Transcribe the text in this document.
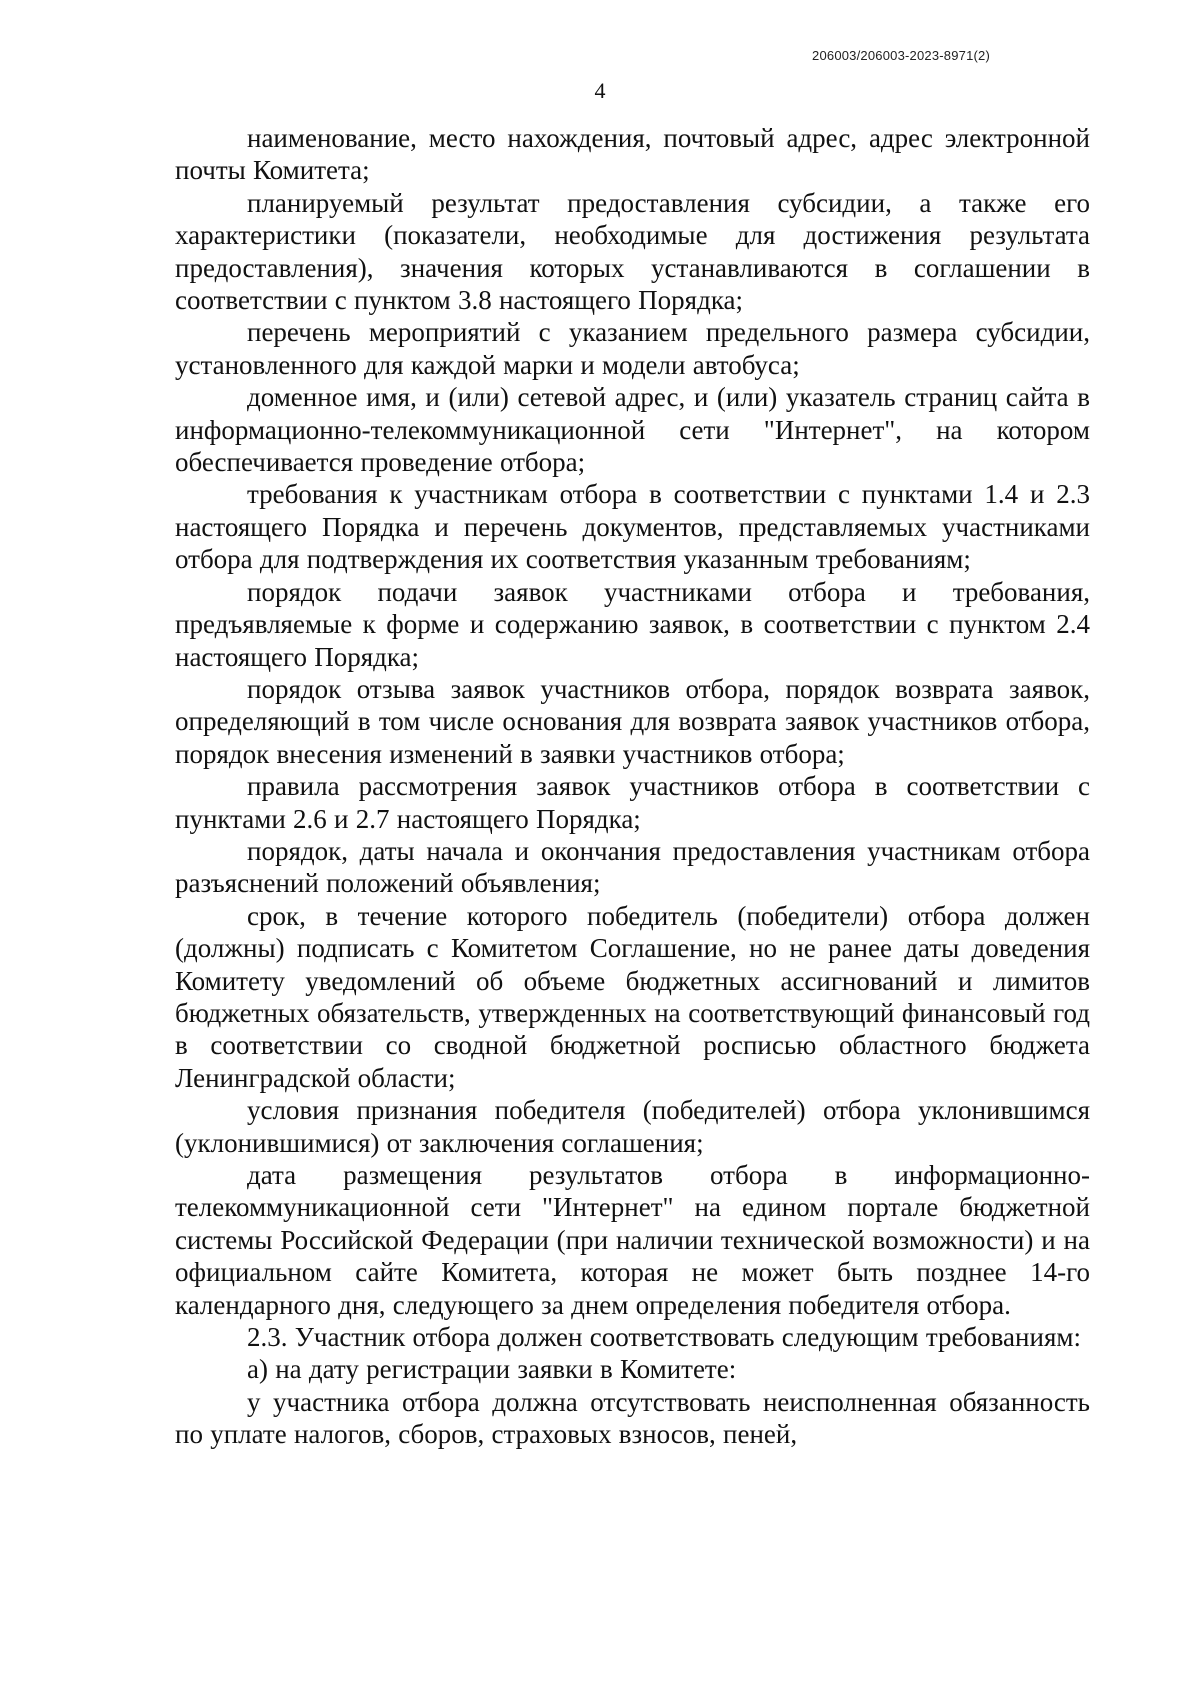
206003/206003-2023-8971(2)
4

наименование, место нахождения, почтовый адрес, адрес электронной почты Комитета;

планируемый результат предоставления субсидии, а также его характеристики (показатели, необходимые для достижения результата предоставления), значения которых устанавливаются в соглашении в соответствии с пунктом 3.8 настоящего Порядка;

перечень мероприятий с указанием предельного размера субсидии, установленного для каждой марки и модели автобуса;

доменное имя, и (или) сетевой адрес, и (или) указатель страниц сайта в информационно-телекоммуникационной сети "Интернет", на котором обеспечивается проведение отбора;

требования к участникам отбора в соответствии с пунктами 1.4 и 2.3 настоящего Порядка и перечень документов, представляемых участниками отбора для подтверждения их соответствия указанным требованиям;

порядок подачи заявок участниками отбора и требования, предъявляемые к форме и содержанию заявок, в соответствии с пунктом 2.4 настоящего Порядка;

порядок отзыва заявок участников отбора, порядок возврата заявок, определяющий в том числе основания для возврата заявок участников отбора, порядок внесения изменений в заявки участников отбора;

правила рассмотрения заявок участников отбора в соответствии с пунктами 2.6 и 2.7 настоящего Порядка;

порядок, даты начала и окончания предоставления участникам отбора разъяснений положений объявления;

срок, в течение которого победитель (победители) отбора должен (должны) подписать с Комитетом Соглашение, но не ранее даты доведения Комитету уведомлений об объеме бюджетных ассигнований и лимитов бюджетных обязательств, утвержденных на соответствующий финансовый год в соответствии со сводной бюджетной росписью областного бюджета Ленинградской области;

условия признания победителя (победителей) отбора уклонившимся (уклонившимися) от заключения соглашения;

дата размещения результатов отбора в информационно-телекоммуникационной сети "Интернет" на едином портале бюджетной системы Российской Федерации (при наличии технической возможности) и на официальном сайте Комитета, которая не может быть позднее 14-го календарного дня, следующего за днем определения победителя отбора.

2.3. Участник отбора должен соответствовать следующим требованиям:

а) на дату регистрации заявки в Комитете:

у участника отбора должна отсутствовать неисполненная обязанность по уплате налогов, сборов, страховых взносов, пеней,
